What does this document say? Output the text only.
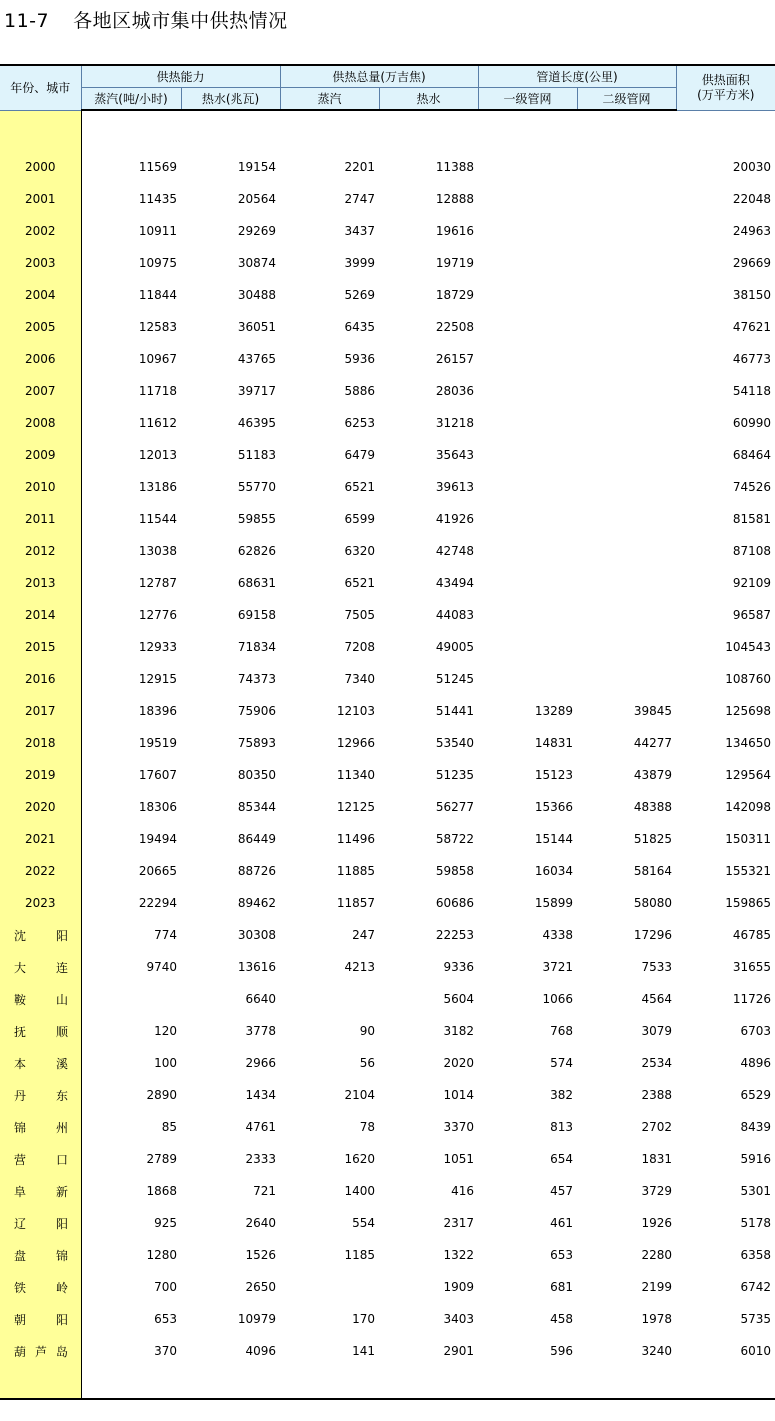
11-7 各地区城市集中供热情况
年份、城市	供热能力		供热总量(万吉焦)		管道长度(公里)		供热面积
(万平方米)

	蒸汽(吨/小时)	热水(兆瓦)	蒸汽	热水	一级管网	二级管网	

2000	11569	19154	2201	11388			20030
2001	11435	20564	2747	12888			22048
2002	10911	29269	3437	19616			24963
2003	10975	30874	3999	19719			29669
2004	11844	30488	5269	18729			38150
2005	12583	36051	6435	22508			47621
2006	10967	43765	5936	26157			46773
2007	11718	39717	5886	28036			54118
2008	11612	46395	6253	31218			60990
2009	12013	51183	6479	35643			68464
2010	13186	55770	6521	39613			74526
2011	11544	59855	6599	41926			81581
2012	13038	62826	6320	42748			87108
2013	12787	68631	6521	43494			92109
2014	12776	69158	7505	44083			96587
2015	12933	71834	7208	49005			104543
2016	12915	74373	7340	51245			108760
2017	18396	75906	12103	51441	13289	39845	125698
2018	19519	75893	12966	53540	14831	44277	134650
2019	17607	80350	11340	51235	15123	43879	129564
2020	18306	85344	12125	56277	15366	48388	142098
2021	19494	86449	11496	58722	15144	51825	150311
2022	20665	88726	11885	59858	16034	58164	155321
2023	22294	89462	11857	60686	15899	58080	159865
沈阳	774	30308	247	22253	4338	17296	46785
大连	9740	13616	4213	9336	3721	7533	31655
鞍山		6640		5604	1066	4564	11726
抚顺	120	3778	90	3182	768	3079	6703
本溪	100	2966	56	2020	574	2534	4896
丹东	2890	1434	2104	1014	382	2388	6529
锦州	85	4761	78	3370	813	2702	8439
营口	2789	2333	1620	1051	654	1831	5916
阜新	1868	721	1400	416	457	3729	5301
辽阳	925	2640	554	2317	461	1926	5178
盘锦	1280	1526	1185	1322	653	2280	6358
铁岭	700	2650		1909	681	2199	6742
朝阳	653	10979	170	3403	458	1978	5735
葫芦岛	370	4096	141	2901	596	3240	6010
